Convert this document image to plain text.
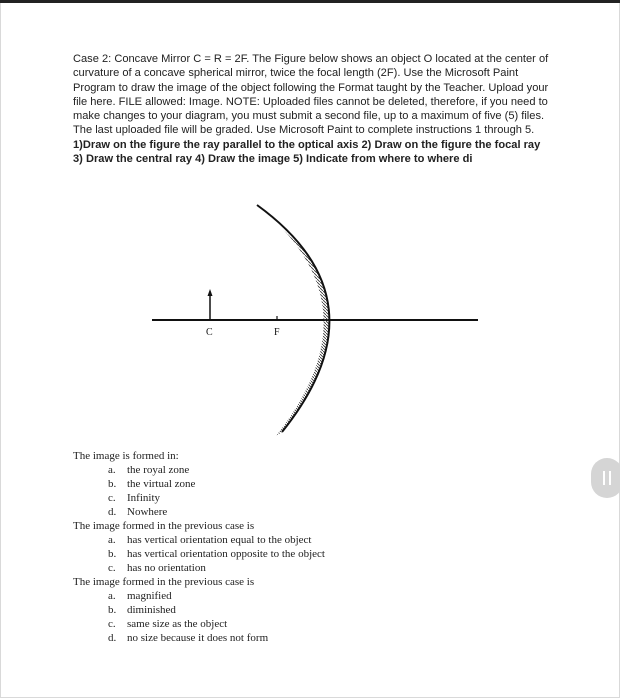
Case 2: Concave Mirror C = R = 2F. The Figure below shows an object O located at the center of curvature of a concave spherical mirror, twice the focal length (2F). Use the Microsoft Paint Program to draw the image of the object following the Format taught by the Teacher. Upload your file here. FILE allowed: Image. NOTE: Uploaded files cannot be deleted, therefore, if you need to make changes to your diagram, you must submit a second file, up to a maximum of five (5) files. The last uploaded file will be graded. Use Microsoft Paint to complete instructions 1 through 5.

1)Draw on the figure the ray parallel to the optical axis 2) Draw on the figure the focal ray 3) Draw the central ray 4) Draw the image 5) Indicate from where to where di

C	F
The image is formed in:
a. the royal zone
b. the virtual zone
c. Infinity
d. Nowhere
The image formed in the previous case is
a. has vertical orientation equal to the object
b. has vertical orientation opposite to the object
c. has no orientation
The image formed in the previous case is
a. magnified
b. diminished
c. same size as the object
d. no size because it does not form
